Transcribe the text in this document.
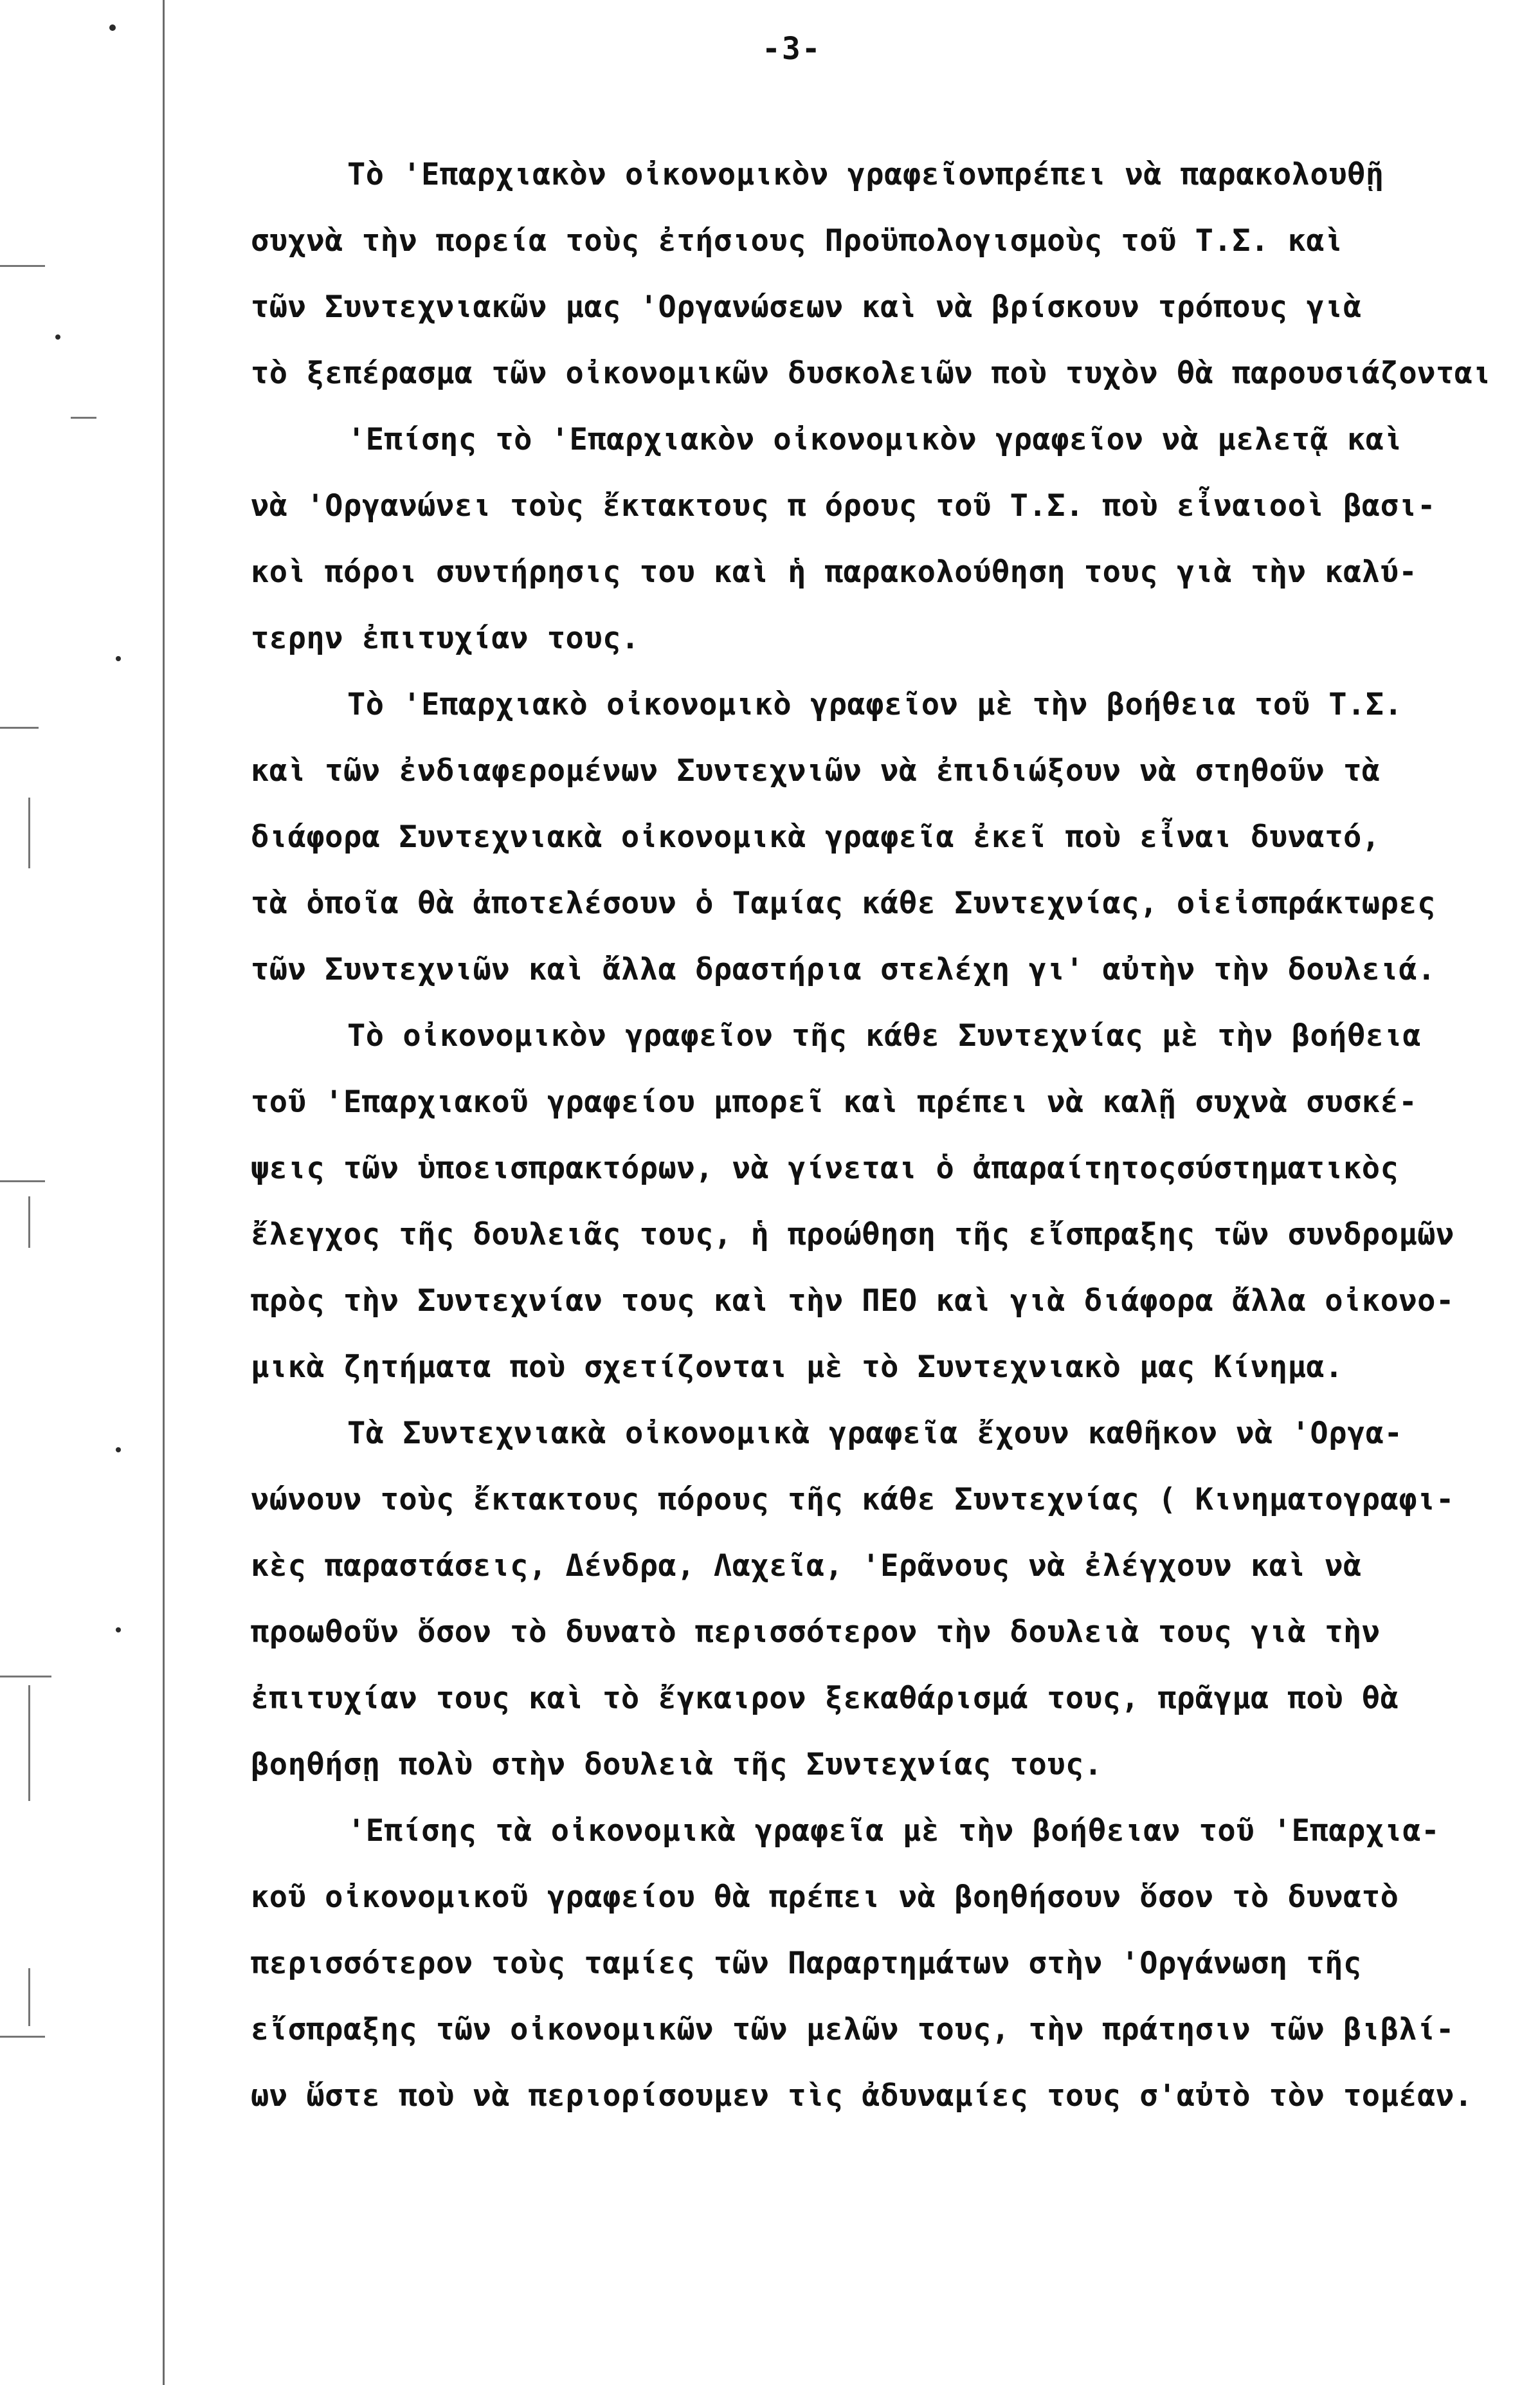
-3-
Τὸ 'Επαρχιακὸν οἰκονομικὸν γραφεῖονπρέπει νὰ παρακολουθῇ
συχνὰ τὴν πορεία τοὺς ἐτήσιους Προϋπολογισμοὺς τοῦ Τ.Σ. καὶ
τῶν Συντεχνιακῶν μας 'Οργανώσεων καὶ νὰ βρίσκουν τρόπους γιὰ
τὸ ξεπέρασμα τῶν οἰκονομικῶν δυσκολειῶν ποὺ τυχὸν θὰ παρουσιάζονται
'Επίσης τὸ 'Επαρχιακὸν οἰκονομικὸν γραφεῖον νὰ μελετᾷ καὶ
νὰ 'Οργανώνει τοὺς ἔκτακτους π όρους τοῦ Τ.Σ. ποὺ εἶναιοοὶ βασι-
κοὶ πόροι συντήρησις του καὶ ἡ παρακολούθηση τους γιὰ τὴν καλύ-
τερην ἐπιτυχίαν τους.
Τὸ 'Επαρχιακὸ οἰκονομικὸ γραφεῖον μὲ τὴν βοήθεια τοῦ Τ.Σ.
καὶ τῶν ἐνδιαφερομένων Συντεχνιῶν νὰ ἐπιδιώξουν νὰ στηθοῦν τὰ
διάφορα Συντεχνιακὰ οἰκονομικὰ γραφεῖα ἐκεῖ ποὺ εἶναι δυνατό,
τὰ ὁποῖα θὰ ἀποτελέσουν ὁ Ταμίας κάθε Συντεχνίας, οἱεἰσπράκτωρες
τῶν Συντεχνιῶν καὶ ἄλλα δραστήρια στελέχη γι' αὐτὴν τὴν δουλειά.
Τὸ οἰκονομικὸν γραφεῖον τῆς κάθε Συντεχνίας μὲ τὴν βοήθεια
τοῦ 'Επαρχιακοῦ γραφείου μπορεῖ καὶ πρέπει νὰ καλῇ συχνὰ συσκέ-
ψεις τῶν ὑποεισπρακτόρων, νὰ γίνεται ὁ ἀπαραίτητοςσύστηματικὸς
ἔλεγχος τῆς δουλειᾶς τους, ἡ προώθηση τῆς εἴσπραξης τῶν συνδρομῶν
πρὸς τὴν Συντεχνίαν τους καὶ τὴν ΠΕΟ καὶ γιὰ διάφορα ἄλλα οἰκονο-
μικὰ ζητήματα ποὺ σχετίζονται μὲ τὸ Συντεχνιακὸ μας Κίνημα.
Τὰ Συντεχνιακὰ οἰκονομικὰ γραφεῖα ἔχουν καθῆκον νὰ 'Οργα-
νώνουν τοὺς ἔκτακτους πόρους τῆς κάθε Συντεχνίας ( Κινηματογραφι-
κὲς παραστάσεις, Δένδρα, Λαχεῖα, 'Ερᾶνους νὰ ἐλέγχουν καὶ νὰ
προωθοῦν ὅσον τὸ δυνατὸ περισσότερον τὴν δουλειὰ τους γιὰ τὴν
ἐπιτυχίαν τους καὶ τὸ ἔγκαιρον ξεκαθάρισμά τους, πρᾶγμα ποὺ θὰ
βοηθήσῃ πολὺ στὴν δουλειὰ τῆς Συντεχνίας τους.
'Επίσης τὰ οἰκονομικὰ γραφεῖα μὲ τὴν βοήθειαν τοῦ 'Επαρχια-
κοῦ οἰκονομικοῦ γραφείου θὰ πρέπει νὰ βοηθήσουν ὅσον τὸ δυνατὸ
περισσότερον τοὺς ταμίες τῶν Παραρτημάτων στὴν 'Οργάνωση τῆς
εἴσπραξης τῶν οἰκονομικῶν τῶν μελῶν τους, τὴν πράτησιν τῶν βιβλί-
ων ὥστε ποὺ νὰ περιορίσουμεν τὶς ἀδυναμίες τους σ'αὐτὸ τὸν τομέαν.
